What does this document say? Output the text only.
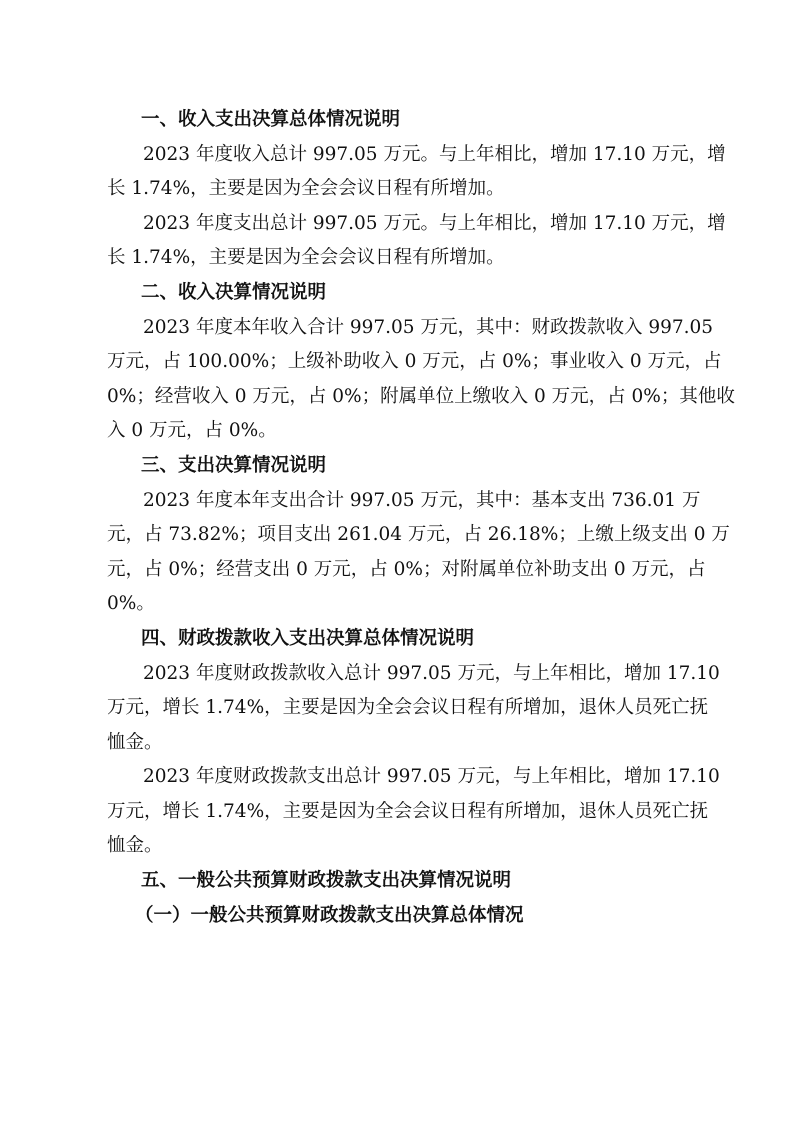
一、收入支出决算总体情况说明
2023 年度收入总计 997.05 万元。与上年相比，增加 17.10 万元，增
长 1.74%，主要是因为全会会议日程有所增加。
2023 年度支出总计 997.05 万元。与上年相比，增加 17.10 万元，增
长 1.74%，主要是因为全会会议日程有所增加。
二、收入决算情况说明
2023 年度本年收入合计 997.05 万元，其中：财政拨款收入 997.05
万元，占 100.00%；上级补助收入 0 万元，占 0%；事业收入 0 万元，占
0%；经营收入 0 万元，占 0%；附属单位上缴收入 0 万元，占 0%；其他收
入 0 万元，占 0%。
三、支出决算情况说明
2023 年度本年支出合计 997.05 万元，其中：基本支出 736.01 万
元，占 73.82%；项目支出 261.04 万元，占 26.18%；上缴上级支出 0 万
元，占 0%；经营支出 0 万元，占 0%；对附属单位补助支出 0 万元，占
0%。
四、财政拨款收入支出决算总体情况说明
2023 年度财政拨款收入总计 997.05 万元，与上年相比，增加 17.10
万元，增长 1.74%，主要是因为全会会议日程有所增加，退休人员死亡抚
恤金。
2023 年度财政拨款支出总计 997.05 万元，与上年相比，增加 17.10
万元，增长 1.74%，主要是因为全会会议日程有所增加，退休人员死亡抚
恤金。
五、一般公共预算财政拨款支出决算情况说明
（一）一般公共预算财政拨款支出决算总体情况
